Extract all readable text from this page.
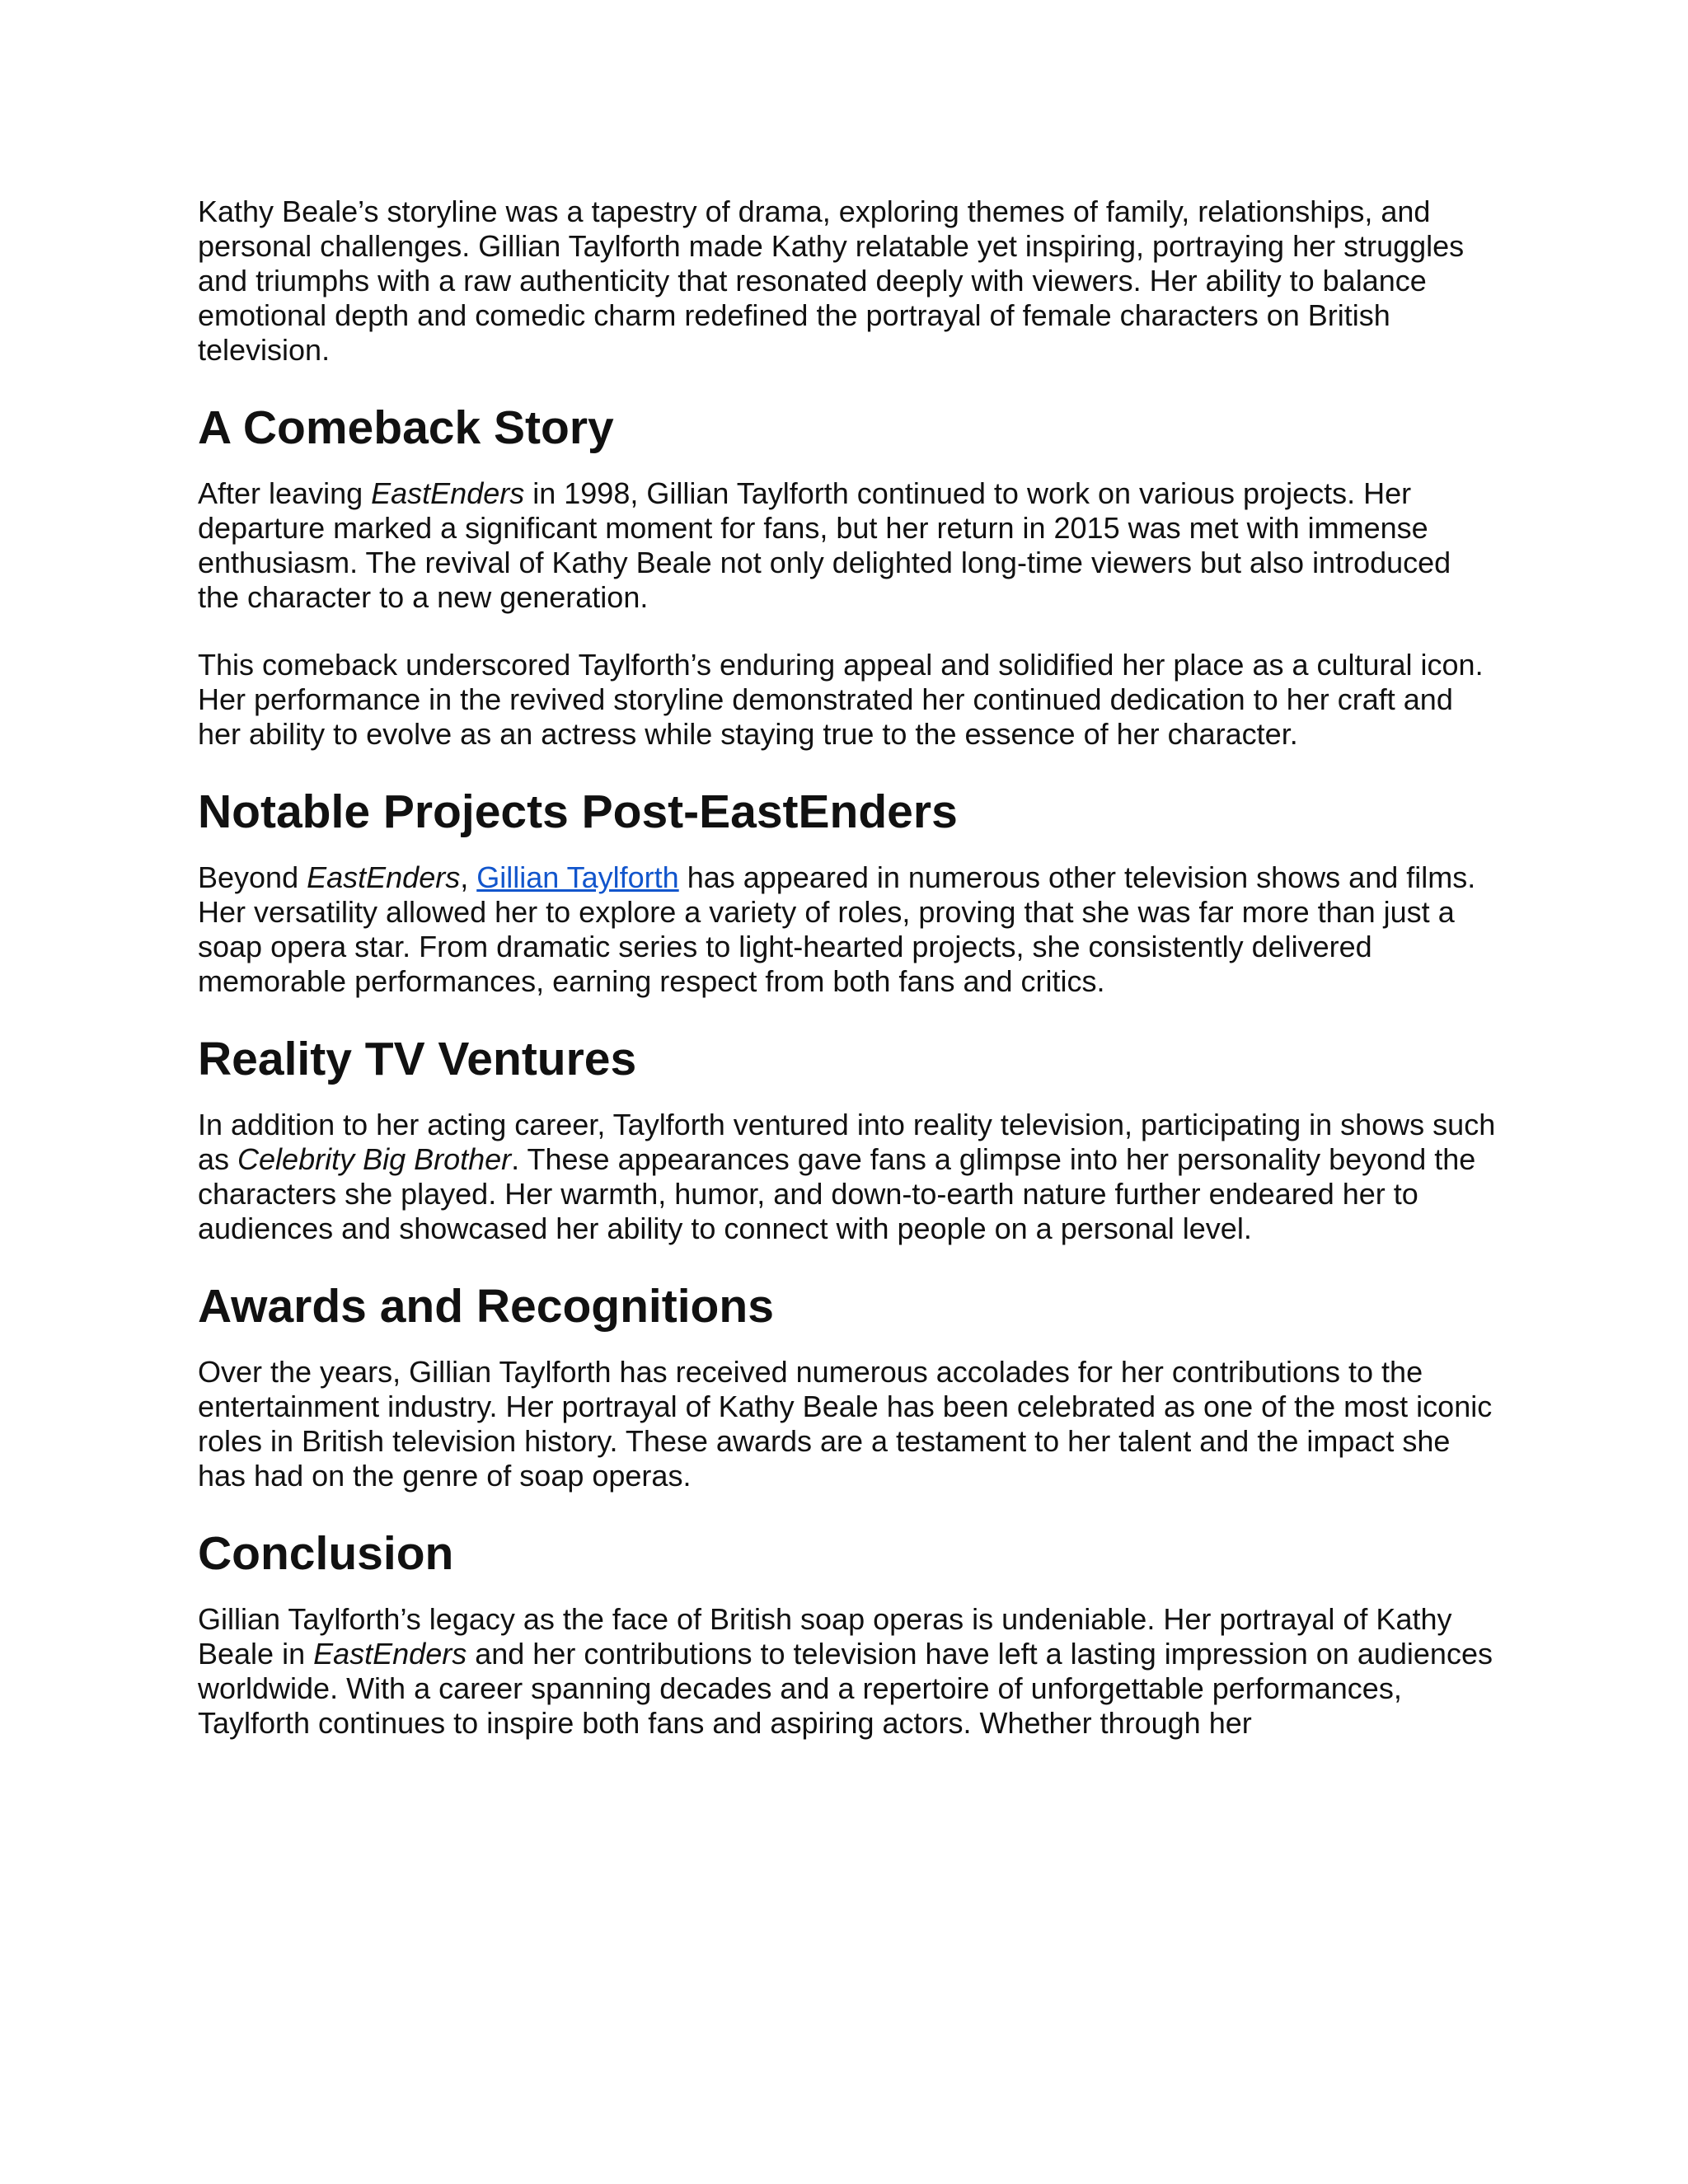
Kathy Beale’s storyline was a tapestry of drama, exploring themes of family, relationships, and personal challenges. Gillian Taylforth made Kathy relatable yet inspiring, portraying her struggles and triumphs with a raw authenticity that resonated deeply with viewers. Her ability to balance emotional depth and comedic charm redefined the portrayal of female characters on British television.

A Comeback Story

After leaving EastEnders in 1998, Gillian Taylforth continued to work on various projects. Her departure marked a significant moment for fans, but her return in 2015 was met with immense enthusiasm. The revival of Kathy Beale not only delighted long-time viewers but also introduced the character to a new generation.

This comeback underscored Taylforth’s enduring appeal and solidified her place as a cultural icon. Her performance in the revived storyline demonstrated her continued dedication to her craft and her ability to evolve as an actress while staying true to the essence of her character.

Notable Projects Post-EastEnders

Beyond EastEnders, Gillian Taylforth has appeared in numerous other television shows and films. Her versatility allowed her to explore a variety of roles, proving that she was far more than just a soap opera star. From dramatic series to light-hearted projects, she consistently delivered memorable performances, earning respect from both fans and critics.

Reality TV Ventures

In addition to her acting career, Taylforth ventured into reality television, participating in shows such as Celebrity Big Brother. These appearances gave fans a glimpse into her personality beyond the characters she played. Her warmth, humor, and down-to-earth nature further endeared her to audiences and showcased her ability to connect with people on a personal level.

Awards and Recognitions

Over the years, Gillian Taylforth has received numerous accolades for her contributions to the entertainment industry. Her portrayal of Kathy Beale has been celebrated as one of the most iconic roles in British television history. These awards are a testament to her talent and the impact she has had on the genre of soap operas.

Conclusion

Gillian Taylforth’s legacy as the face of British soap operas is undeniable. Her portrayal of Kathy Beale in EastEnders and her contributions to television have left a lasting impression on audiences worldwide. With a career spanning decades and a repertoire of unforgettable performances, Taylforth continues to inspire both fans and aspiring actors. Whether through her
